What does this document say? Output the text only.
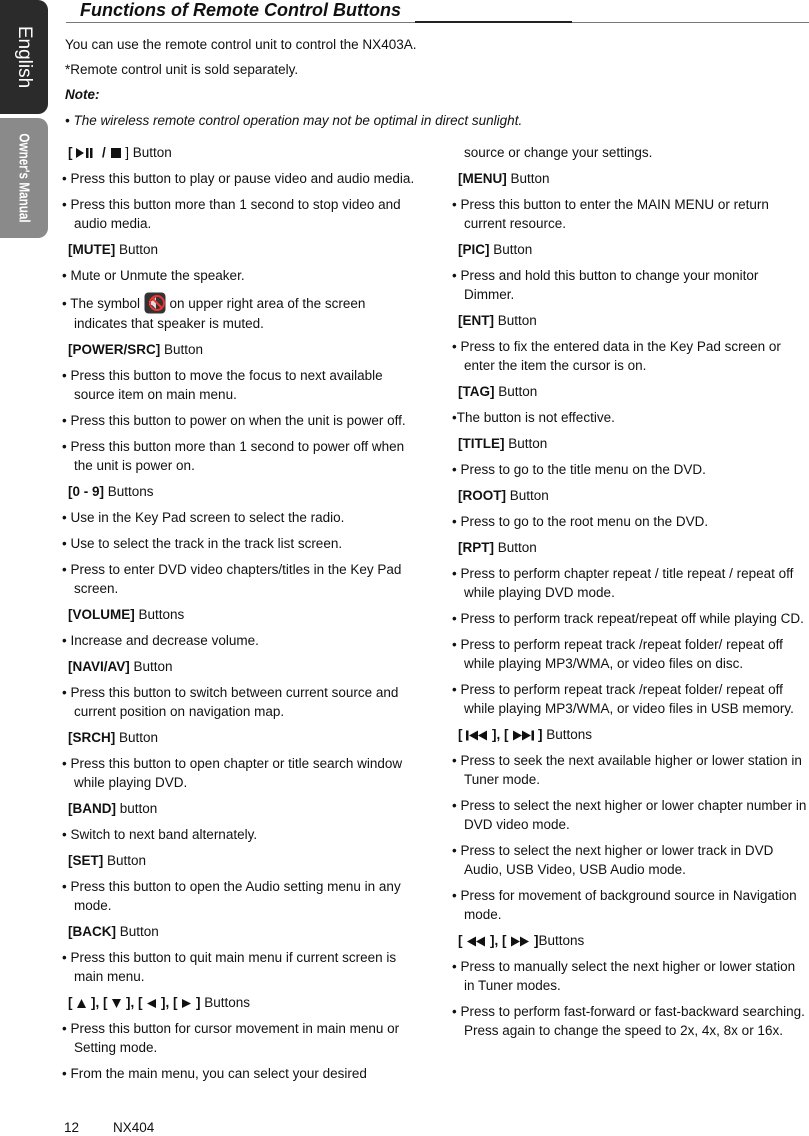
English
Owner's Manual
Functions of Remote Control Buttons
You can use the remote control unit to control the NX403A.
*Remote control unit is sold separately.
Note:
• The wireless remote control operation may not be optimal in direct sunlight.
[  /  ] Button
• Press this button to play or pause video and audio media.
• Press this button more than 1 second to stop video and audio media.
[MUTE] Button
• Mute or Unmute the speaker.
• The symbol  on upper right area of the screen indicates that speaker is muted.
[POWER/SRC] Button
• Press this button to move the focus to next available source item on main menu.
• Press this button to power on when the unit is power off.
• Press this button more than 1 second to power off when the unit is power on.
[0 - 9] Buttons
• Use in the Key Pad screen to select the radio.
• Use to select the track in the track list screen.
• Press to enter DVD video chapters/titles in the Key Pad screen.
[VOLUME] Buttons
• Increase and decrease volume.
[NAVI/AV] Button
• Press this button to switch between current source and current position on navigation map.
[SRCH] Button
• Press this button to open chapter or title search window while playing DVD.
[BAND] button
• Switch to next band alternately.
[SET] Button
• Press this button to open the Audio setting menu in any mode.
[BACK] Button
• Press this button to quit main menu if current screen is main menu.
[  ], [  ], [  ], [  ] Buttons
• Press this button for cursor movement in main menu or Setting mode.
• From the main menu, you can select your desired
source or change your settings.
[MENU] Button
• Press this button to enter the MAIN MENU or return current resource.
[PIC] Button
• Press and hold this button to change your monitor Dimmer.
[ENT] Button
• Press to fix the entered data in the Key Pad screen or enter the item the cursor is on.
[TAG] Button
•The button is not effective.
[TITLE] Button
• Press to go to the title menu on the DVD.
[ROOT] Button
• Press to go to the root menu on the DVD.
[RPT] Button
• Press to perform chapter repeat / title repeat / repeat off while playing DVD mode.
• Press to perform track repeat/repeat off while playing CD.
• Press to perform repeat track /repeat folder/ repeat off while playing MP3/WMA, or video files on disc.
• Press to perform repeat track /repeat folder/ repeat off while playing MP3/WMA, or video files in USB memory.
[  ], [  ] Buttons
• Press to seek the next available higher or lower station in Tuner mode.
• Press to select the next higher or lower chapter number in DVD video mode.
• Press to select the next higher or lower track in DVD Audio, USB Video, USB Audio mode.
• Press for movement of background source in Navigation mode.
[  ], [  ]Buttons
• Press to manually select the next higher or lower station in Tuner modes.
• Press to perform fast-forward or fast-backward searching. Press again to change the speed to 2x, 4x, 8x or 16x.
12	NX404
